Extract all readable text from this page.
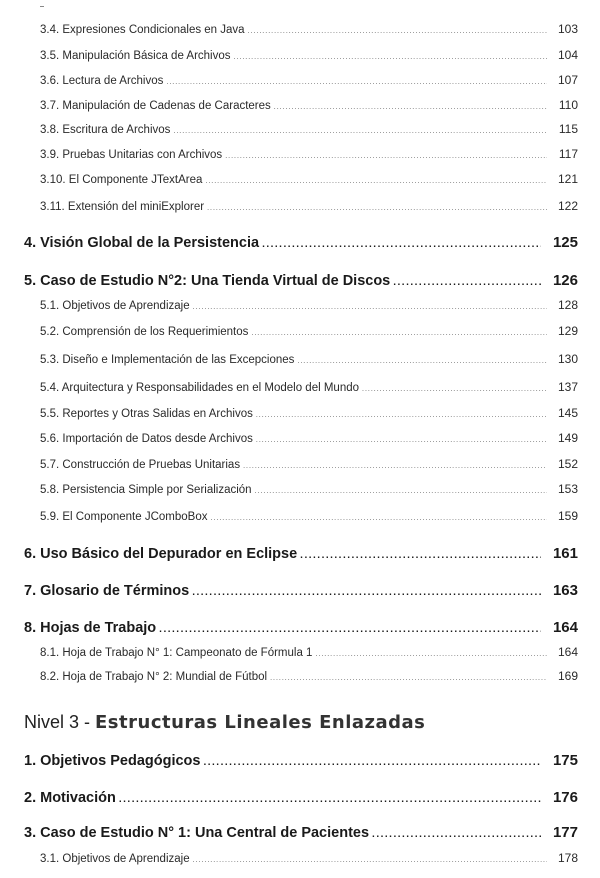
3.4. Expresiones Condicionales en Java .....	103
3.5. Manipulación Básica de Archivos .....	104
3.6. Lectura de Archivos .....	107
3.7. Manipulación de Cadenas de Caracteres .....	110
3.8. Escritura de Archivos .....	115
3.9. Pruebas Unitarias con Archivos .....	117
3.10. El Componente JTextArea .....	121
3.11. Extensión del miniExplorer .....	122
4. Visión Global de la Persistencia .....	125
5. Caso de Estudio N°2: Una Tienda Virtual de Discos .....	126
5.1. Objetivos de Aprendizaje .....	128
5.2. Comprensión de los Requerimientos .....	129
5.3. Diseño e Implementación de las Excepciones .....	130
5.4. Arquitectura y Responsabilidades en el Modelo del Mundo .....	137
5.5. Reportes y Otras Salidas en Archivos .....	145
5.6. Importación de Datos desde Archivos .....	149
5.7. Construcción de Pruebas Unitarias .....	152
5.8. Persistencia Simple por Serialización .....	153
5.9. El Componente JComboBox .....	159
6. Uso Básico del Depurador en Eclipse .....	161
7. Glosario de Términos .....	163
8. Hojas de Trabajo .....	164
8.1. Hoja de Trabajo N° 1: Campeonato de Fórmula 1 .....	164
8.2. Hoja de Trabajo N° 2: Mundial de Fútbol .....	169
Nivel 3 - Estructuras Lineales Enlazadas
1. Objetivos Pedagógicos .....	175
2. Motivación .....	176
3. Caso de Estudio N° 1: Una Central de Pacientes .....	177
3.1. Objetivos de Aprendizaje .....	178
